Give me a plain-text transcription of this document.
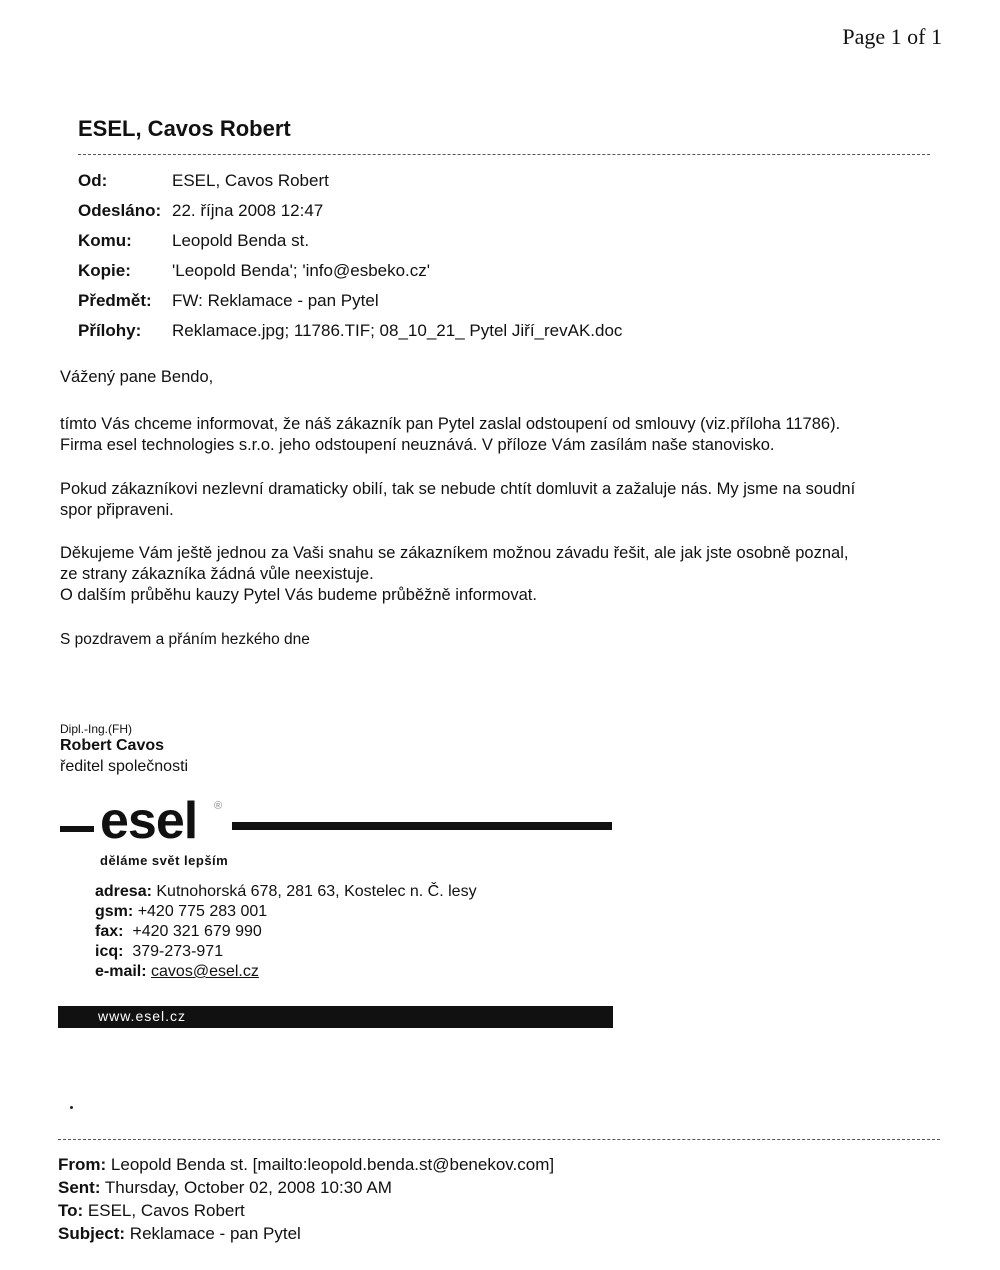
Page 1 of 1
ESEL, Cavos Robert
Od:	ESEL, Cavos Robert
Odesláno: 22. října 2008 12:47
Komu:	Leopold Benda st.
Kopie:	'Leopold Benda'; 'info@esbeko.cz'
Předmět:	FW: Reklamace - pan Pytel
Přílohy:	Reklamace.jpg; 11786.TIF; 08_10_21_ Pytel Jiří_revAK.doc
Vážený pane Bendo,
tímto Vás chceme informovat, že náš zákazník pan Pytel zaslal odstoupení od smlouvy (viz.příloha 11786).
Firma esel technologies s.r.o. jeho odstoupení neuznává. V příloze Vám zasílám naše stanovisko.
Pokud zákazníkovi nezlevní dramaticky obilí, tak se nebude chtít domluvit a zažaluje nás. My jsme na soudní
spor připraveni.
Děkujeme Vám ještě jednou za Vaši snahu se zákazníkem možnou závadu řešit, ale jak jste osobně poznal,
ze strany zákazníka žádná vůle neexistuje.
O dalším průběhu kauzy Pytel Vás budeme průběžně informovat.
S pozdravem a přáním hezkého dne
Dipl.-Ing.(FH)
Robert Cavos
ředitel společnosti
esel ®
děláme svět lepším
adresa: Kutnohorská 678, 281 63, Kostelec n. Č. lesy
gsm: +420 775 283 001
fax: +420 321 679 990
icq: 379-273-971
e-mail: cavos@esel.cz
www.esel.cz
From: Leopold Benda st. [mailto:leopold.benda.st@benekov.com]
Sent: Thursday, October 02, 2008 10:30 AM
To: ESEL, Cavos Robert
Subject: Reklamace - pan Pytel
